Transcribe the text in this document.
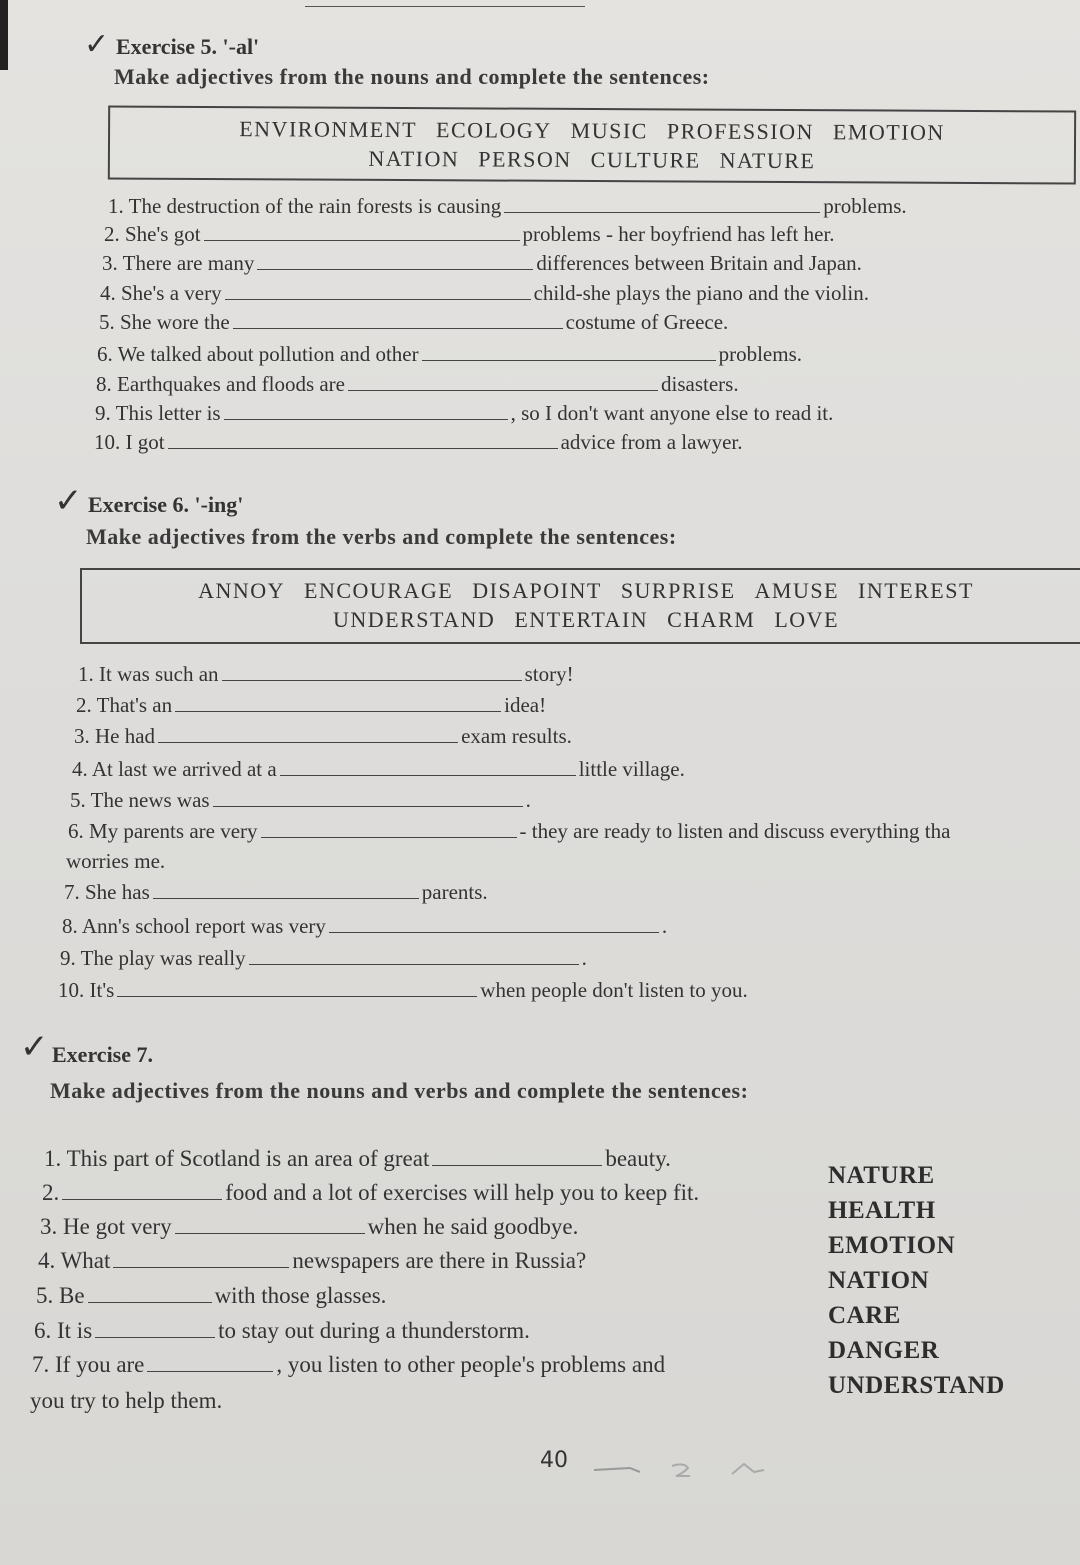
✓ Exercise 5. '-al'
Make adjectives from the nouns and complete the sentences:
ENVIRONMENT ECOLOGY MUSIC PROFESSION EMOTION
NATION PERSON CULTURE NATURE
1. The destruction of the rain forests is causing	problems.
2. She's got	problems - her boyfriend has left her.
3. There are many	differences between Britain and Japan.
4. She's a very	child-she plays the piano and the violin.
5. She wore the	costume of Greece.
6. We talked about pollution and other	problems.
8. Earthquakes and floods are	disasters.
9. This letter is	, so I don't want anyone else to read it.
10. I got	advice from a lawyer.
✓ Exercise 6. '-ing'
Make adjectives from the verbs and complete the sentences:
ANNOY ENCOURAGE DISAPOINT SURPRISE AMUSE INTEREST
UNDERSTAND ENTERTAIN CHARM LOVE
1. It was such an	story!
2. That's an	idea!
3. He had	exam results.
4. At last we arrived at a	little village.
5. The news was	.
6. My parents are very	- they are ready to listen and discuss everything tha
worries me.
7. She has	parents.
8. Ann's school report was very	.
9. The play was really	.
10. It's	when people don't listen to you.
✓ Exercise 7.
Make adjectives from the nouns and verbs and complete the sentences:
1. This part of Scotland is an area of great	beauty.
2.	food and a lot of exercises will help you to keep fit.
3. He got very	when he said goodbye.
4. What	newspapers are there in Russia?
5. Be	with those glasses.
6. It is	to stay out during a thunderstorm.
7. If you are	, you listen to other people's problems and
you try to help them.
NATURE
HEALTH
EMOTION
NATION
CARE
DANGER
UNDERSTAND
40
